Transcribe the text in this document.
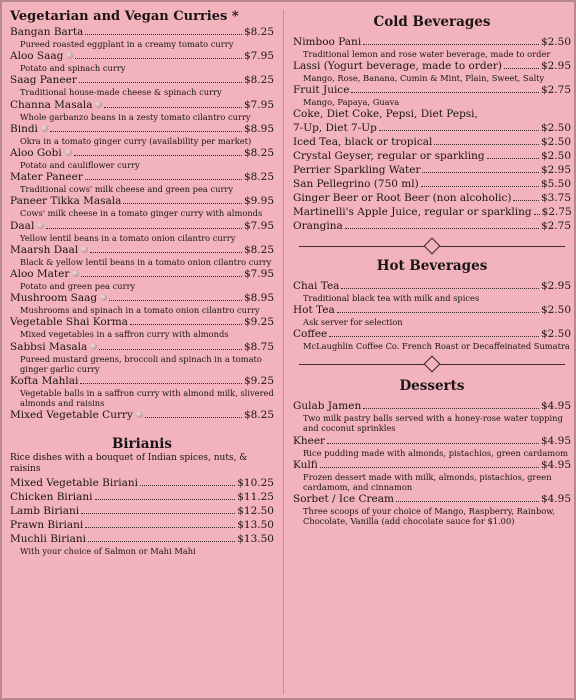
Vegetarian and Vegan Curries *
Bangan Barta	$8.25

Pureed roasted eggplant in a creamy tomato curry

Aloo Saag	$7.95

Potato and spinach curry

Saag Paneer	$8.25

Traditional house-made cheese & spinach curry

Channa Masala	$7.95

Whole garbanzo beans in a zesty tomato cilantro curry

Bindi	$8.95

Okra in a tomato ginger curry (availability per market)

Aloo Gobi	$8.25

Potato and cauliflower curry

Mater Paneer	$8.25

Traditional cows' milk cheese and green pea curry

Paneer Tikka Masala	$9.95

Cows' milk cheese in a tomato ginger curry with almonds

Daal	$7.95

Yellow lentil beans in a tomato onion cilantro curry

Maarsh Daal	$8.25

Black & yellow lentil beans in a tomato onion cilantro curry

Aloo Mater	$7.95

Potato and green pea curry

Mushroom Saag	$8.95

Mushrooms and spinach in a tomato onion cilantro curry

Vegetable Shai Korma	$9.25

Mixed vegetables in a saffron curry with almonds

Sabbsi Masala	$8.75

Pureed mustard greens, broccoli and spinach in a tomato ginger garlic curry

Kofta Mahlai	$9.25

Vegetable balls in a saffron curry with almond milk, slivered almonds and raisins

Mixed Vegetable Curry	$8.25
Birianis

Rice dishes with a bouquet of Indian spices, nuts, & raisins

Mixed Vegetable Biriani	$10.25
Chicken Biriani	$11.25
Lamb Biriani	$12.50
Prawn Biriani	$13.50
Muchli Biriani	$13.50

With your choice of Salmon or Mahi Mahi

Cold Beverages
Nimboo Pani	$2.50

Traditional lemon and rose water beverage, made to order

Lassi (Yogurt beverage, made to order)	$2.95

Mango, Rose, Banana, Cumin & Mint, Plain, Sweet, Salty

Fruit Juice	$2.75

Mango, Papaya, Guava

Coke, Diet Coke, Pepsi, Diet Pepsi,
7-Up, Diet 7-Up	$2.50
Iced Tea, black or tropical	$2.50
Crystal Geyser, regular or sparkling	$2.50
Perrier Sparkling Water	$2.95
San Pellegrino (750 ml)	$5.50
Ginger Beer or Root Beer (non alcoholic)	$3.75
Martinelli's Apple Juice, regular or sparkling $2.75
Orangina	$2.75
Hot Beverages
Chai Tea	$2.95

Traditional black tea with milk and spices

Hot Tea	$2.50

Ask server for selection

Coffee	$2.50

McLaughlin Coffee Co. French Roast or Decaffeinated Sumatra

Desserts
Gulab Jamen	$4.95

Two milk pastry balls served with a honey-rose water topping and coconut sprinkles

Kheer	$4.95

Rice pudding made with almonds, pistachios, green cardamom

Kulfi	$4.95

Frozen dessert made with milk, almonds, pistachios, green cardamom, and cinnamon

Sorbet / Ice Cream	$4.95

Three scoops of your choice of Mango, Raspberry, Rainbow, Chocolate, Vanilla (add chocolate sauce for $1.00)
